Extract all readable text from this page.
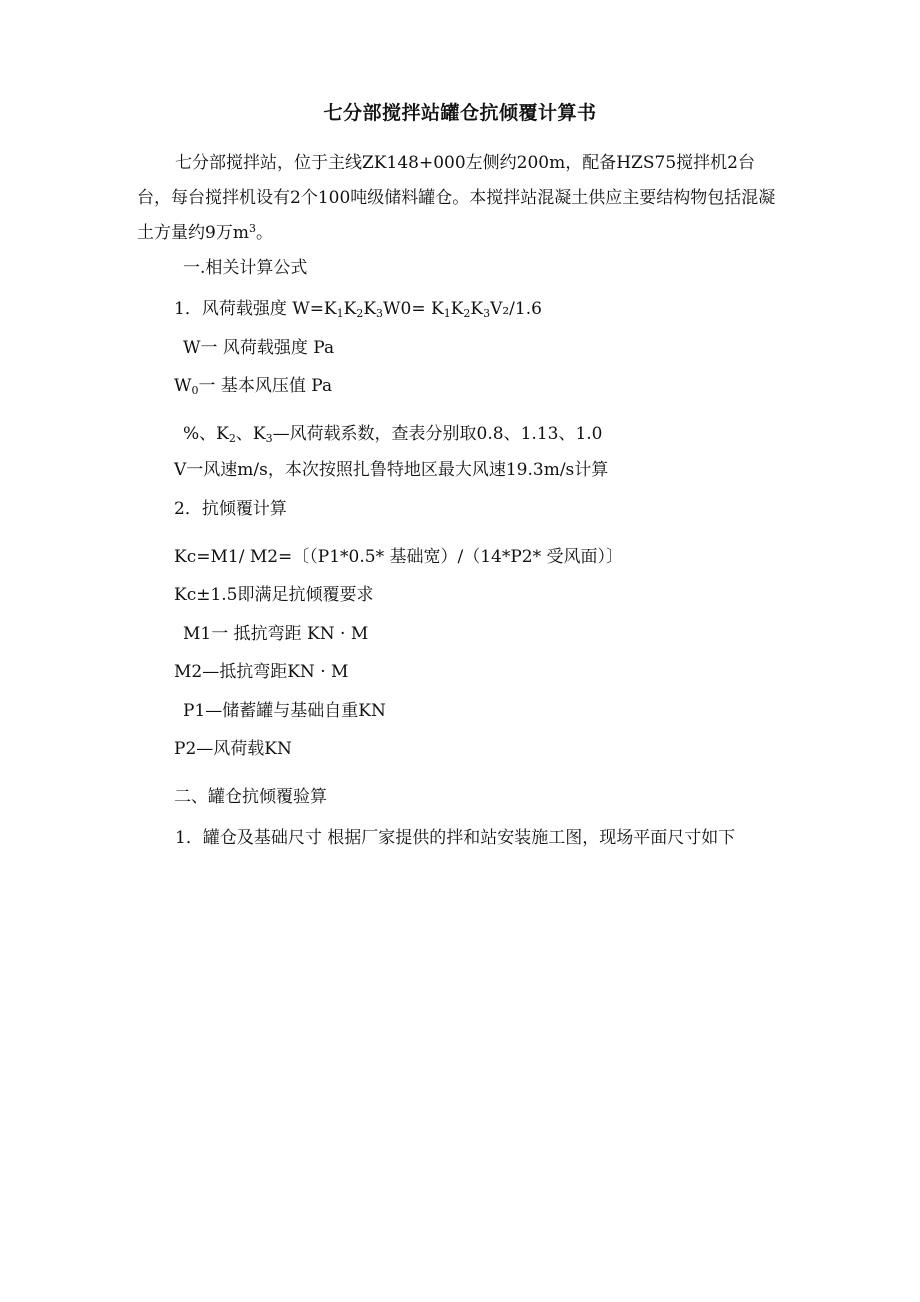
七分部搅拌站罐仓抗倾覆计算书
七分部搅拌站，位于主线ZK148+000左侧约200m，配备HZS75搅拌机2台台，每台搅拌机设有2个100吨级储料罐仓。本搅拌站混凝土供应主要结构物包括混凝土方量约9万$m^3$。
一.相关计算公式
1．风荷载强度 $W=K_1K_2K_3W0= K_1K_2K_3V_2/1.6$
W一 风荷载强度 Pa
$W_0$一 基本风压值 Pa
%、$K_2$、$K_3—$风荷载系数，查表分别取0.8、1.13、1.0
V一风速m/s，本次按照扎鲁特地区最大风速19.3m/s计算
2．抗倾覆计算
Kc=M1/ M2=〔（P1*0.5* 基础宽）/（14*P2* 受风面）〕
Kc±1.5即满足抗倾覆要求
M1一 抵抗弯距 KN · M
M2—抵抗弯距KN · M
P1—储蓄罐与基础自重KN
P2—风荷载KN
二、罐仓抗倾覆验算
1．罐仓及基础尺寸 根据厂家提供的拌和站安装施工图，现场平面尺寸如下
